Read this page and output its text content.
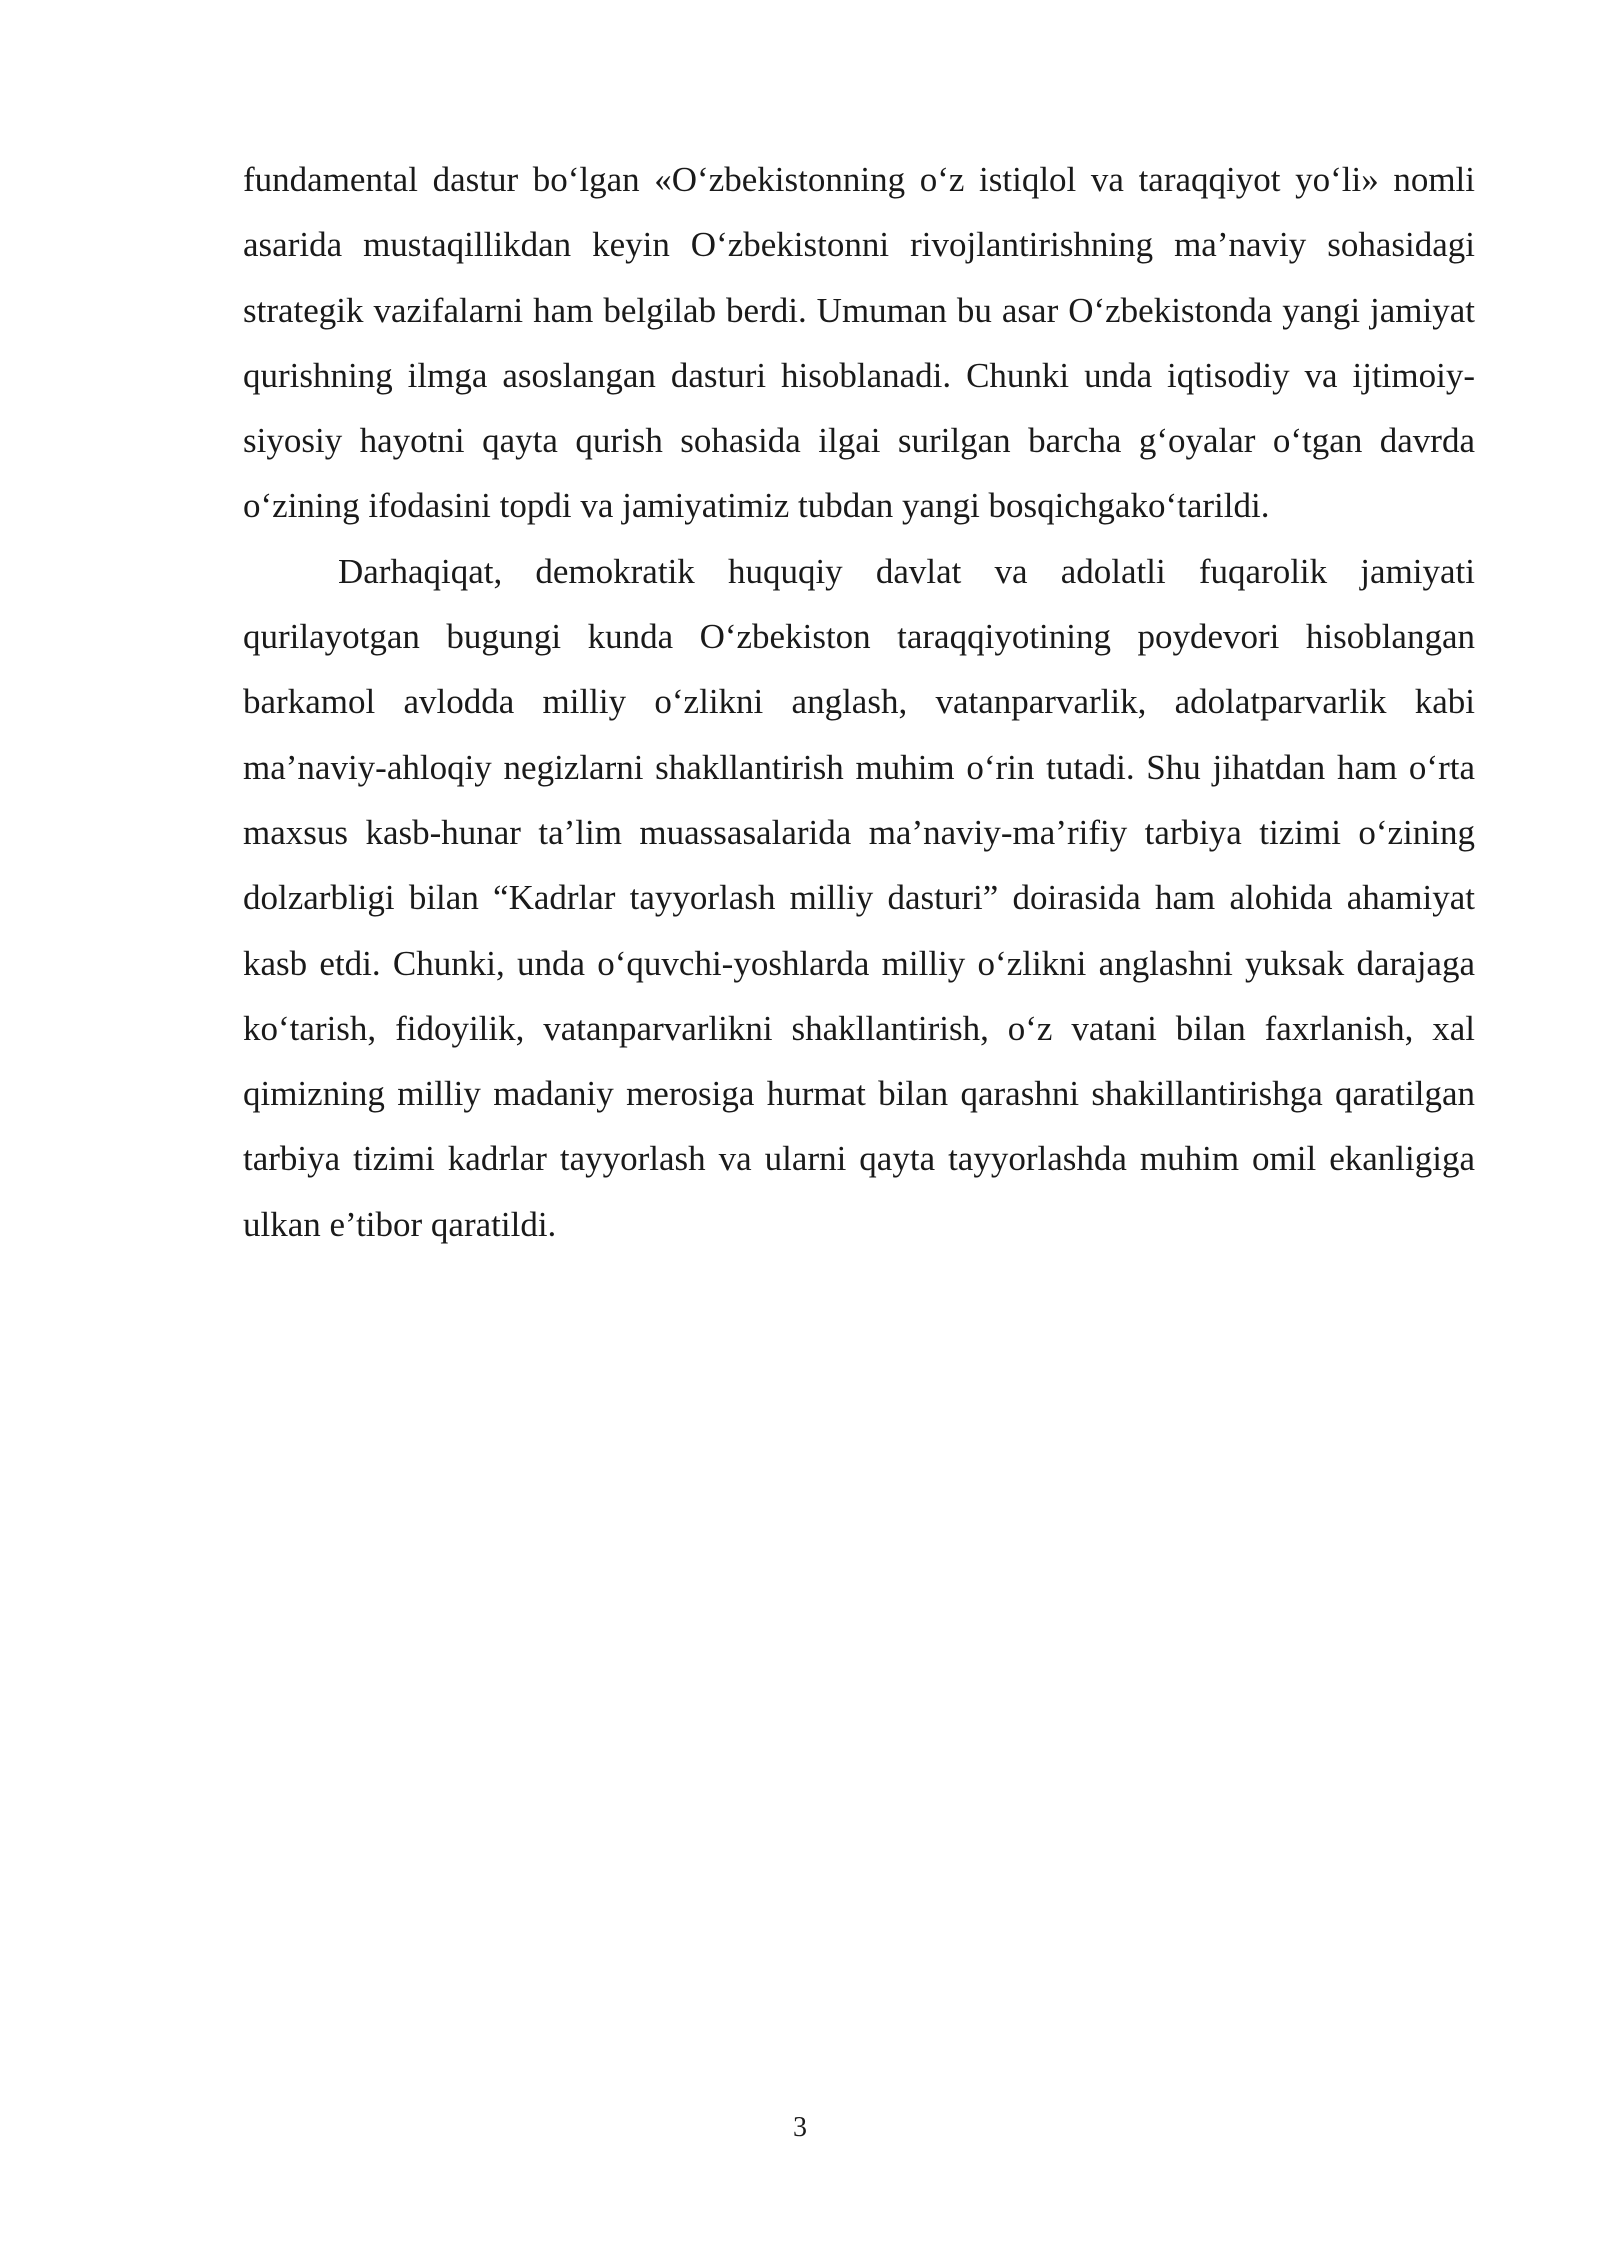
fundamental dastur bo‘lgan «O‘zbekistonning o‘z istiqlol va taraqqiyot yo‘li» nomli asarida mustaqillikdan keyin O‘zbekistonni rivojlantirishning ma’naviy sohasidagi strategik vazifalarni ham belgilab berdi. Umuman bu asar O‘zbekistonda yangi jamiyat qurishning ilmga asoslangan dasturi hisoblanadi. Chunki unda iqtisodiy va ijtimoiy-siyosiy hayotni qayta qurish sohasida ilgai surilgan barcha g‘oyalar o‘tgan davrda o‘zining ifodasini topdi va jamiyatimiz tubdan yangi bosqichgako‘tarildi.

Darhaqiqat, demokratik huquqiy davlat va adolatli fuqarolik jamiyati qurilayotgan bugungi kunda O‘zbekiston taraqqiyotining poydevori hisoblangan barkamol avlodda milliy o‘zlikni anglash, vatanparvarlik, adolatparvarlik kabi ma’naviy-ahloqiy negizlarni shakllantirish muhim o‘rin tutadi. Shu jihatdan ham o‘rta maxsus kasb-hunar ta’lim muassasalarida ma’naviy-ma’rifiy tarbiya tizimi o‘zining dolzarbligi bilan “Kadrlar tayyorlash milliy dasturi” doirasida ham alohida ahamiyat kasb etdi. Chunki, unda o‘quvchi-yoshlarda milliy o‘zlikni anglashni yuksak darajaga ko‘tarish, fidoyilik, vatanparvarlikni shakllantirish, o‘z vatani bilan faxrlanish, xal qimizning milliy madaniy merosiga hurmat bilan qarashni shakillantirishga qaratilgan tarbiya tizimi kadrlar tayyorlash va ularni qayta tayyorlashda muhim omil ekanligiga ulkan e’tibor qaratildi.

3
